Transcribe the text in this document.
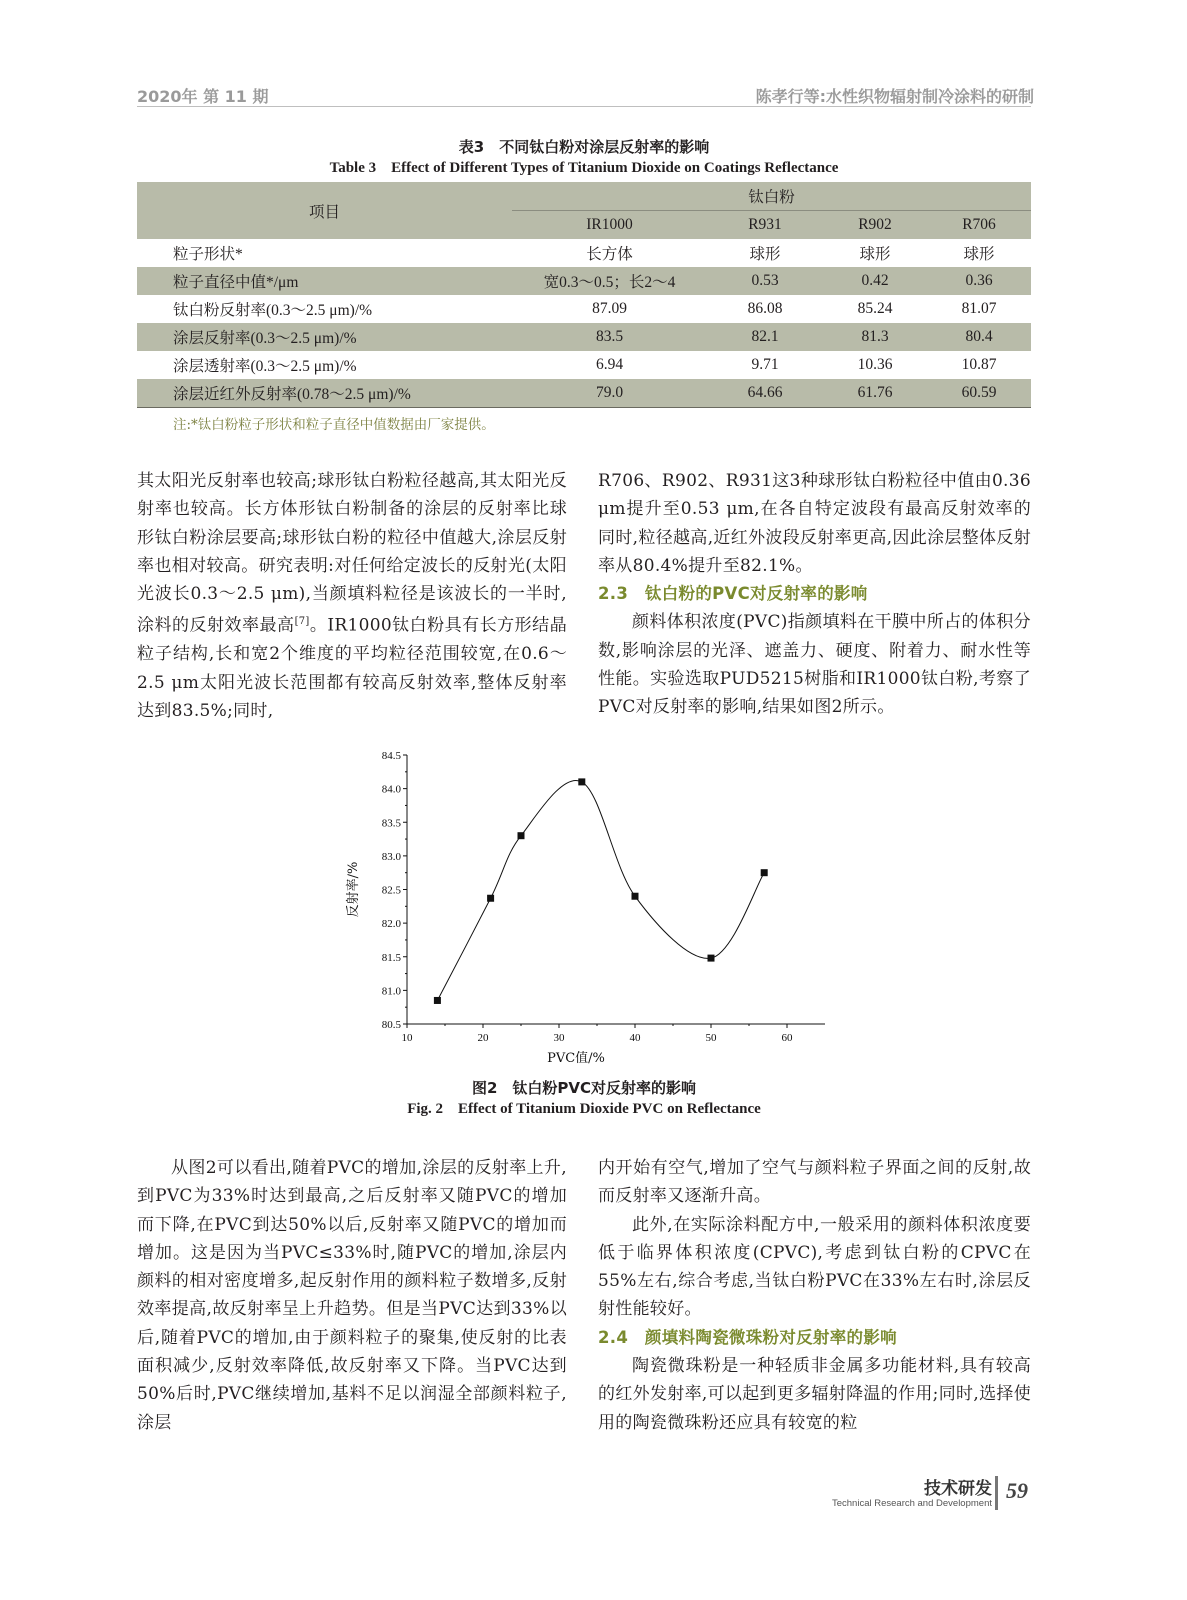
2020年 第 11 期	陈孝行等:水性织物辐射制冷涂料的研制
表3　不同钛白粉对涂层反射率的影响
Table 3    Effect of Different Types of Titanium Dioxide on Coatings Reflectance
项目	钛白粉			
	IR1000	R931	R902	R706
粒子形状*	长方体	球形	球形	球形
粒子直径中值*/μm	宽0.3～0.5；长2～4	0.53	0.42	0.36
钛白粉反射率(0.3～2.5 μm)/%	87.09	86.08	85.24	81.07
涂层反射率(0.3～2.5 μm)/%	83.5	82.1	81.3	80.4
涂层透射率(0.3～2.5 μm)/%	6.94	9.71	10.36	10.87
涂层近红外反射率(0.78～2.5 μm)/%	79.0	64.66	61.76	60.59
注:*钛白粉粒子形状和粒子直径中值数据由厂家提供。

其太阳光反射率也较高;球形钛白粉粒径越高,其太阳光反射率也较高。长方体形钛白粉制备的涂层的反射率比球形钛白粉涂层要高;球形钛白粉的粒径中值越大,涂层反射率也相对较高。研究表明:对任何给定波长的反射光(太阳光波长0.3～2.5 μm),当颜填料粒径是该波长的一半时,涂料的反射效率最高[7]。IR1000钛白粉具有长方形结晶粒子结构,长和宽2个维度的平均粒径范围较宽,在0.6～2.5 μm太阳光波长范围都有较高反射效率,整体反射率达到83.5%;同时,

R706、R902、R931这3种球形钛白粉粒径中值由0.36 μm提升至0.53 μm,在各自特定波段有最高反射效率的同时,粒径越高,近红外波段反射率更高,因此涂层整体反射率从80.4%提升至82.1%。

2.3　钛白粉的PVC对反射率的影响

颜料体积浓度(PVC)指颜填料在干膜中所占的体积分数,影响涂层的光泽、遮盖力、硬度、附着力、耐水性等性能。实验选取PUD5215树脂和IR1000钛白粉,考察了PVC对反射率的影响,结果如图2所示。

80.5
81.0
81.5
82.0
82.5
83.0
83.5
84.0
84.5
10	20	30	40	50	60
PVC值/%
反射率/%
图2　钛白粉PVC对反射率的影响
Fig. 2    Effect of Titanium Dioxide PVC on Reflectance

从图2可以看出,随着PVC的增加,涂层的反射率上升,到PVC为33%时达到最高,之后反射率又随PVC的增加而下降,在PVC到达50%以后,反射率又随PVC的增加而增加。这是因为当PVC≤33%时,随PVC的增加,涂层内颜料的相对密度增多,起反射作用的颜料粒子数增多,反射效率提高,故反射率呈上升趋势。但是当PVC达到33%以后,随着PVC的增加,由于颜料粒子的聚集,使反射的比表面积减少,反射效率降低,故反射率又下降。当PVC达到50%后时,PVC继续增加,基料不足以润湿全部颜料粒子,涂层

内开始有空气,增加了空气与颜料粒子界面之间的反射,故而反射率又逐渐升高。

此外,在实际涂料配方中,一般采用的颜料体积浓度要低于临界体积浓度(CPVC),考虑到钛白粉的CPVC在55%左右,综合考虑,当钛白粉PVC在33%左右时,涂层反射性能较好。

2.4　颜填料陶瓷微珠粉对反射率的影响

陶瓷微珠粉是一种轻质非金属多功能材料,具有较高的红外发射率,可以起到更多辐射降温的作用;同时,选择使用的陶瓷微珠粉还应具有较宽的粒

技术研发
Technical Research and Development
59
